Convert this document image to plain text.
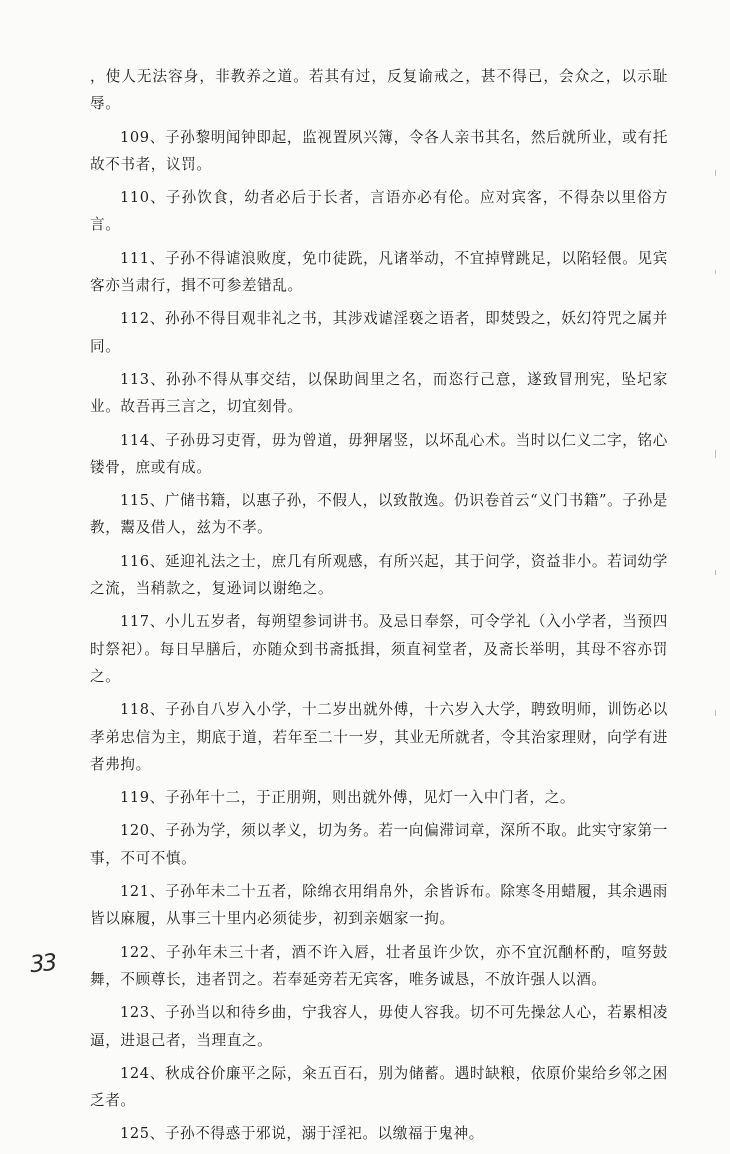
，使人无法容身，非教养之道。若其有过，反复谕戒之，甚不得已，会众之，以示耻辱。

109、子孙黎明闻钟即起，监视置夙兴簿，令各人亲书其名，然后就所业，或有托故不书者，议罚。

110、子孙饮食，幼者必后于长者，言语亦必有伦。应对宾客，不得杂以里俗方言。

111、子孙不得谑浪败度，免巾徒跣，凡诸举动，不宜掉臂跳足，以陷轻偎。见宾客亦当肃行，揖不可参差错乱。

112、孙孙不得目观非礼之书，其涉戏谑淫亵之语者，即焚毁之，妖幻符咒之属并同。

113、孙孙不得从事交结，以保助闾里之名，而恣行己意，遂致冒刑宪，坠圮家业。故吾再三言之，切宜刻骨。

114、子孙毋习吏胥，毋为曾道，毋狎屠竖，以坏乱心术。当时以仁义二字，铭心镂骨，庶或有成。

115、广储书籍，以惠子孙，不假人，以致散逸。仍识卷首云“义门书籍”。子孙是教，鬻及借人，兹为不孝。

116、延迎礼法之士，庶几有所观感，有所兴起，其于问学，资益非小。若词幼学之流，当稍款之，复逊词以谢绝之。

117、小儿五岁者，每朔望参词讲书。及忌日奉祭，可令学礼（入小学者，当预四时祭祀）。每日早膳后，亦随众到书斋抵揖，须直祠堂者，及斋长举明，其母不容亦罚之。

118、子孙自八岁入小学，十二岁出就外傅，十六岁入大学，聘致明师，训饬必以孝弟忠信为主，期底于道，若年至二十一岁，其业无所就者，令其治家理财，向学有进者弗拘。

119、子孙年十二，于正朋朔，则出就外傅，见灯一入中门者，之。

120、子孙为学，须以孝义，切为务。若一向偏滞词章，深所不取。此实守家第一事，不可不慎。

121、子孙年未二十五者，除绵衣用绢帛外，余皆诉布。除寒冬用蜡履，其余遇雨皆以麻履，从事三十里内必须徒步，初到亲姻家一拘。

122、子孙年未三十者，酒不许入唇，壮者虽许少饮，亦不宜沉酗杯酌，喧努鼓舞，不顾尊长，违者罚之。若奉延旁若无宾客，唯务诚恳，不放许强人以酒。

123、子孙当以和待乡曲，宁我容人，毋使人容我。切不可先操忿人心，若累相凌逼，进退己者，当理直之。

124、秋成谷价廉平之际，籴五百石，别为储蓄。遇时缺粮，依原价粜给乡邻之困乏者。

125、子孙不得惑于邪说，溺于淫祀。以缴福于鬼神。

33
